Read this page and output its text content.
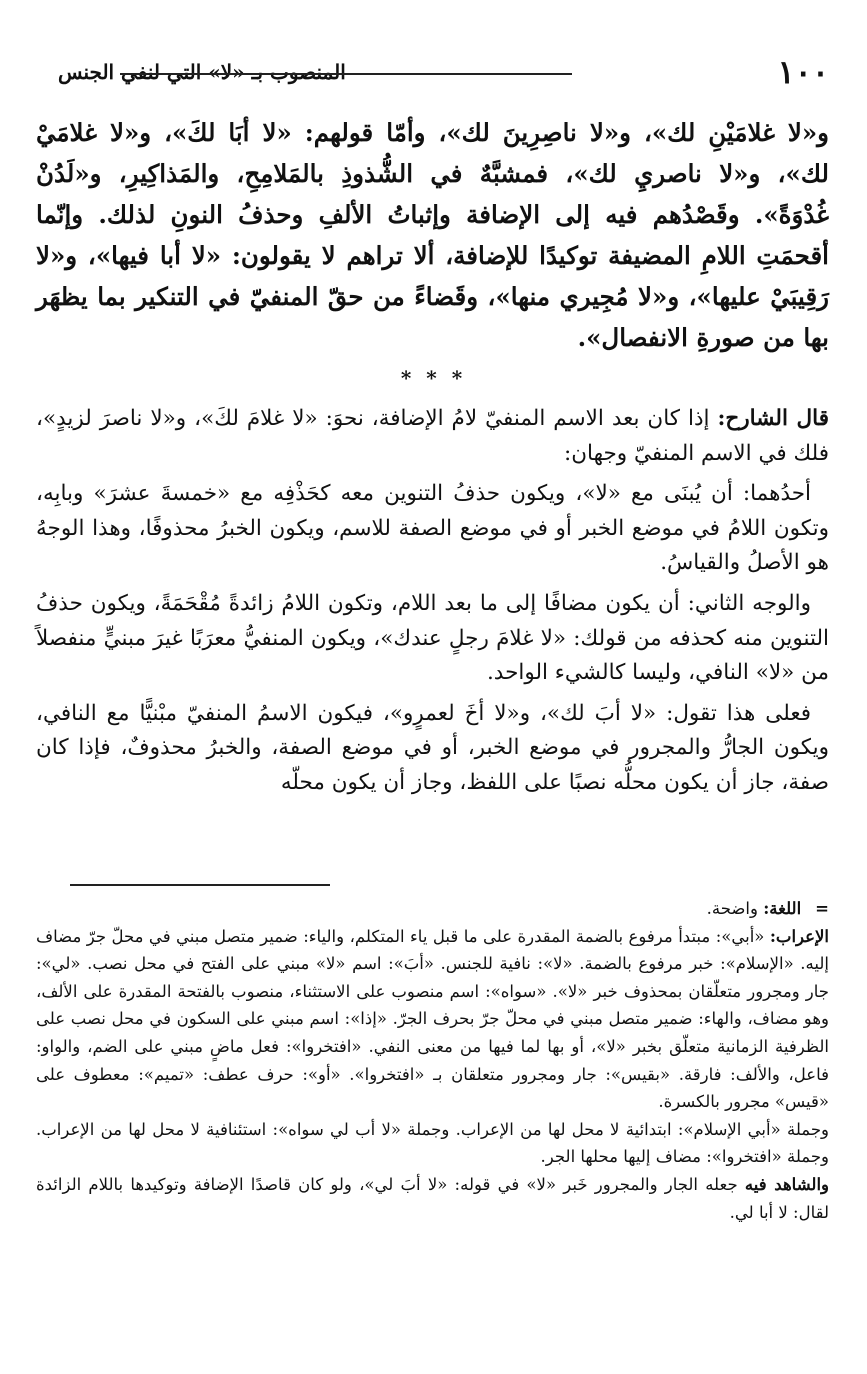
١٠٠
المنصوب بـ «لا» التي لنفي الجنس
و«لا غلامَيْنِ لك»، و«لا ناصِرِينَ لك»، وأمّا قولهم: «لا أبَا لكَ»، و«لا غلامَيْ لك»، و«لا ناصريِ لك»، فمشبَّهٌ في الشُّذوذِ بالمَلامِحِ، والمَذاكِيرِ، و«لَدُنْ غُدْوَةً». وقَصْدُهم فيه إلى الإضافة وإثباتُ الألفِ وحذفُ النونِ لذلك. وإنّما أقحمَتِ اللامِ المضيفة توكيدًا للإضافة، ألا تراهم لا يقولون: «لا أبا فيها»، و«لا رَقِيبَيْ عليها»، و«لا مُجِيري منها»، وقَضاءً من حقّ المنفيّ في التنكير بما يظهَر بها من صورةِ الانفصال».
* * *

قال الشارح: إذا كان بعد الاسم المنفيّ لامُ الإضافة، نحوَ: «لا غلامَ لكَ»، و«لا ناصرَ لزيدٍ»، فلك في الاسم المنفيّ وجهان:

أحدُهما: أن يُبنَى مع «لا»، ويكون حذفُ التنوين معه كحَذْفِه مع «خمسةَ عشرَ» وبابِه، وتكون اللامُ في موضع الخبر أو في موضع الصفة للاسم، ويكون الخبرُ محذوفًا، وهذا الوجهُ هو الأصلُ والقياسُ.

والوجه الثاني: أن يكون مضافًا إلى ما بعد اللام، وتكون اللامُ زائدةً مُقْحَمَةً، ويكون حذفُ التنوين منه كحذفه من قولك: «لا غلامَ رجلٍ عندك»، ويكون المنفيُّ معرَبًا غيرَ مبنيٍّ منفصلاً من «لا» النافي، وليسا كالشيء الواحد.

فعلى هذا تقول: «لا أبَ لك»، و«لا أخَ لعمرٍو»، فيكون الاسمُ المنفيّ مبْنيًّا مع النافي، ويكون الجارُّ والمجرور في موضع الخبر، أو في موضع الصفة، والخبرُ محذوفٌ، فإذا كان صفة، جاز أن يكون محلُّه نصبًا على اللفظ، وجاز أن يكون محلّه

=اللغة: واضحة.

الإعراب: «أبي»: مبتدأ مرفوع بالضمة المقدرة على ما قبل ياء المتكلم، والياء: ضمير متصل مبني في محلّ جرّ مضاف إليه. «الإسلام»: خبر مرفوع بالضمة. «لا»: نافية للجنس. «أبَ»: اسم «لا» مبني على الفتح في محل نصب. «لي»: جار ومجرور متعلّقان بمحذوف خبر «لا». «سواه»: اسم منصوب على الاستثناء، منصوب بالفتحة المقدرة على الألف، وهو مضاف، والهاء: ضمير متصل مبني في محلّ جرّ بحرف الجرّ. «إذا»: اسم مبني على السكون في محل نصب على الظرفية الزمانية متعلّق بخبر «لا»، أو بها لما فيها من معنى النفي. «افتخروا»: فعل ماضٍ مبني على الضم، والواو: فاعل، والألف: فارقة. «بقيس»: جار ومجرور متعلقان بـ «افتخروا». «أو»: حرف عطف: «تميم»: معطوف على «قيس» مجرور بالكسرة.

وجملة «أبي الإسلام»: ابتدائية لا محل لها من الإعراب. وجملة «لا أب لي سواه»: استئنافية لا محل لها من الإعراب. وجملة «افتخروا»: مضاف إليها محلها الجر.

والشاهد فيه جعله الجار والمجرور خَبر «لا» في قوله: «لا أبَ لي»، ولو كان قاصدًا الإضافة وتوكيدها باللام الزائدة لقال: لا أبا لي.
